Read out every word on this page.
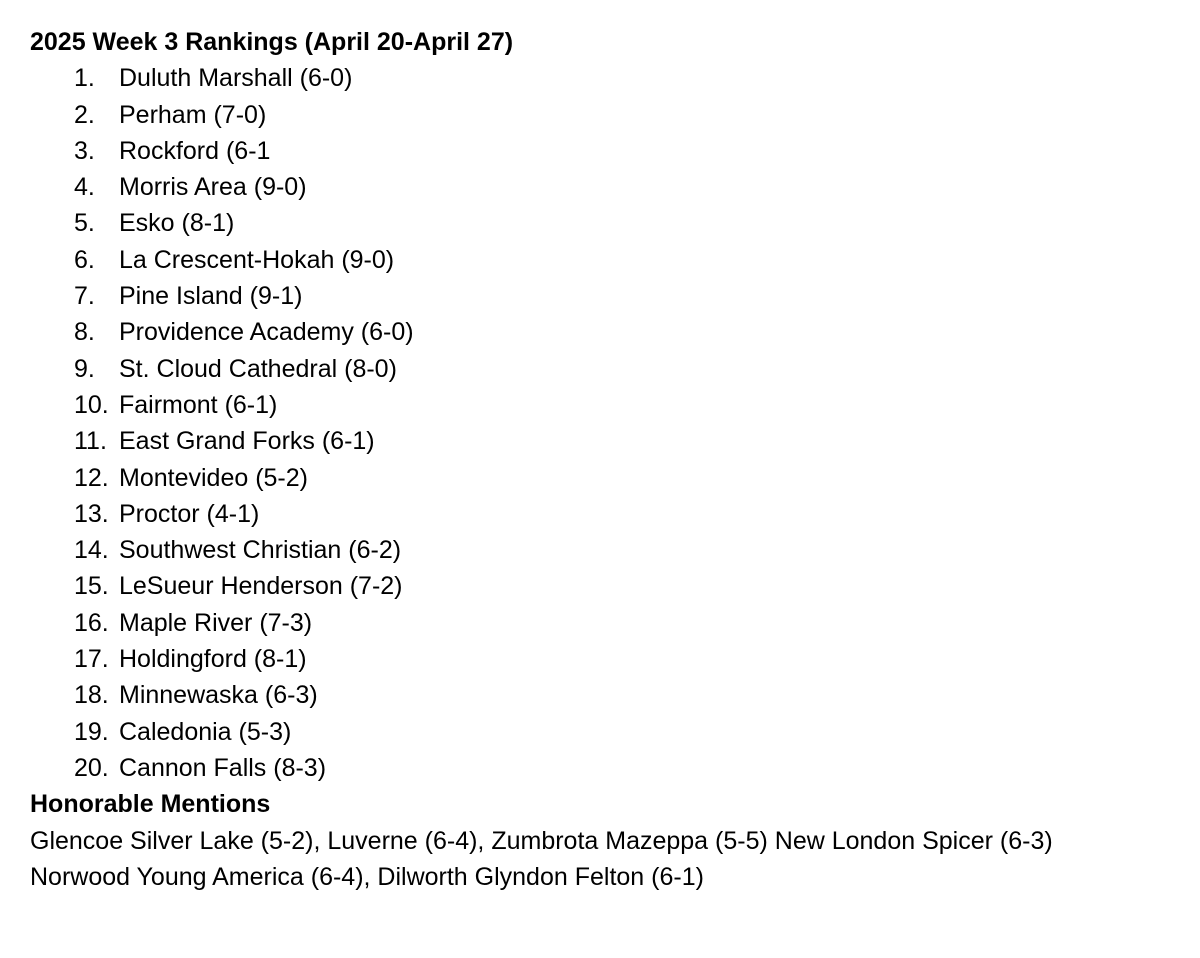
2025 Week 3 Rankings (April 20-April 27)

1. Duluth Marshall (6-0)
2. Perham (7-0)
3. Rockford (6-1
4. Morris Area (9-0)
5. Esko (8-1)
6. La Crescent-Hokah (9-0)
7. Pine Island (9-1)
8. Providence Academy (6-0)
9. St. Cloud Cathedral (8-0)
10. Fairmont (6-1)
11. East Grand Forks (6-1)
12. Montevideo (5-2)
13. Proctor (4-1)
14. Southwest Christian (6-2)
15. LeSueur Henderson (7-2)
16. Maple River (7-3)
17. Holdingford (8-1)
18. Minnewaska (6-3)
19. Caledonia (5-3)
20. Cannon Falls (8-3)

Honorable Mentions

Glencoe Silver Lake (5-2), Luverne (6-4), Zumbrota Mazeppa (5-5) New London Spicer (6-3)

Norwood Young America (6-4), Dilworth Glyndon Felton (6-1)
